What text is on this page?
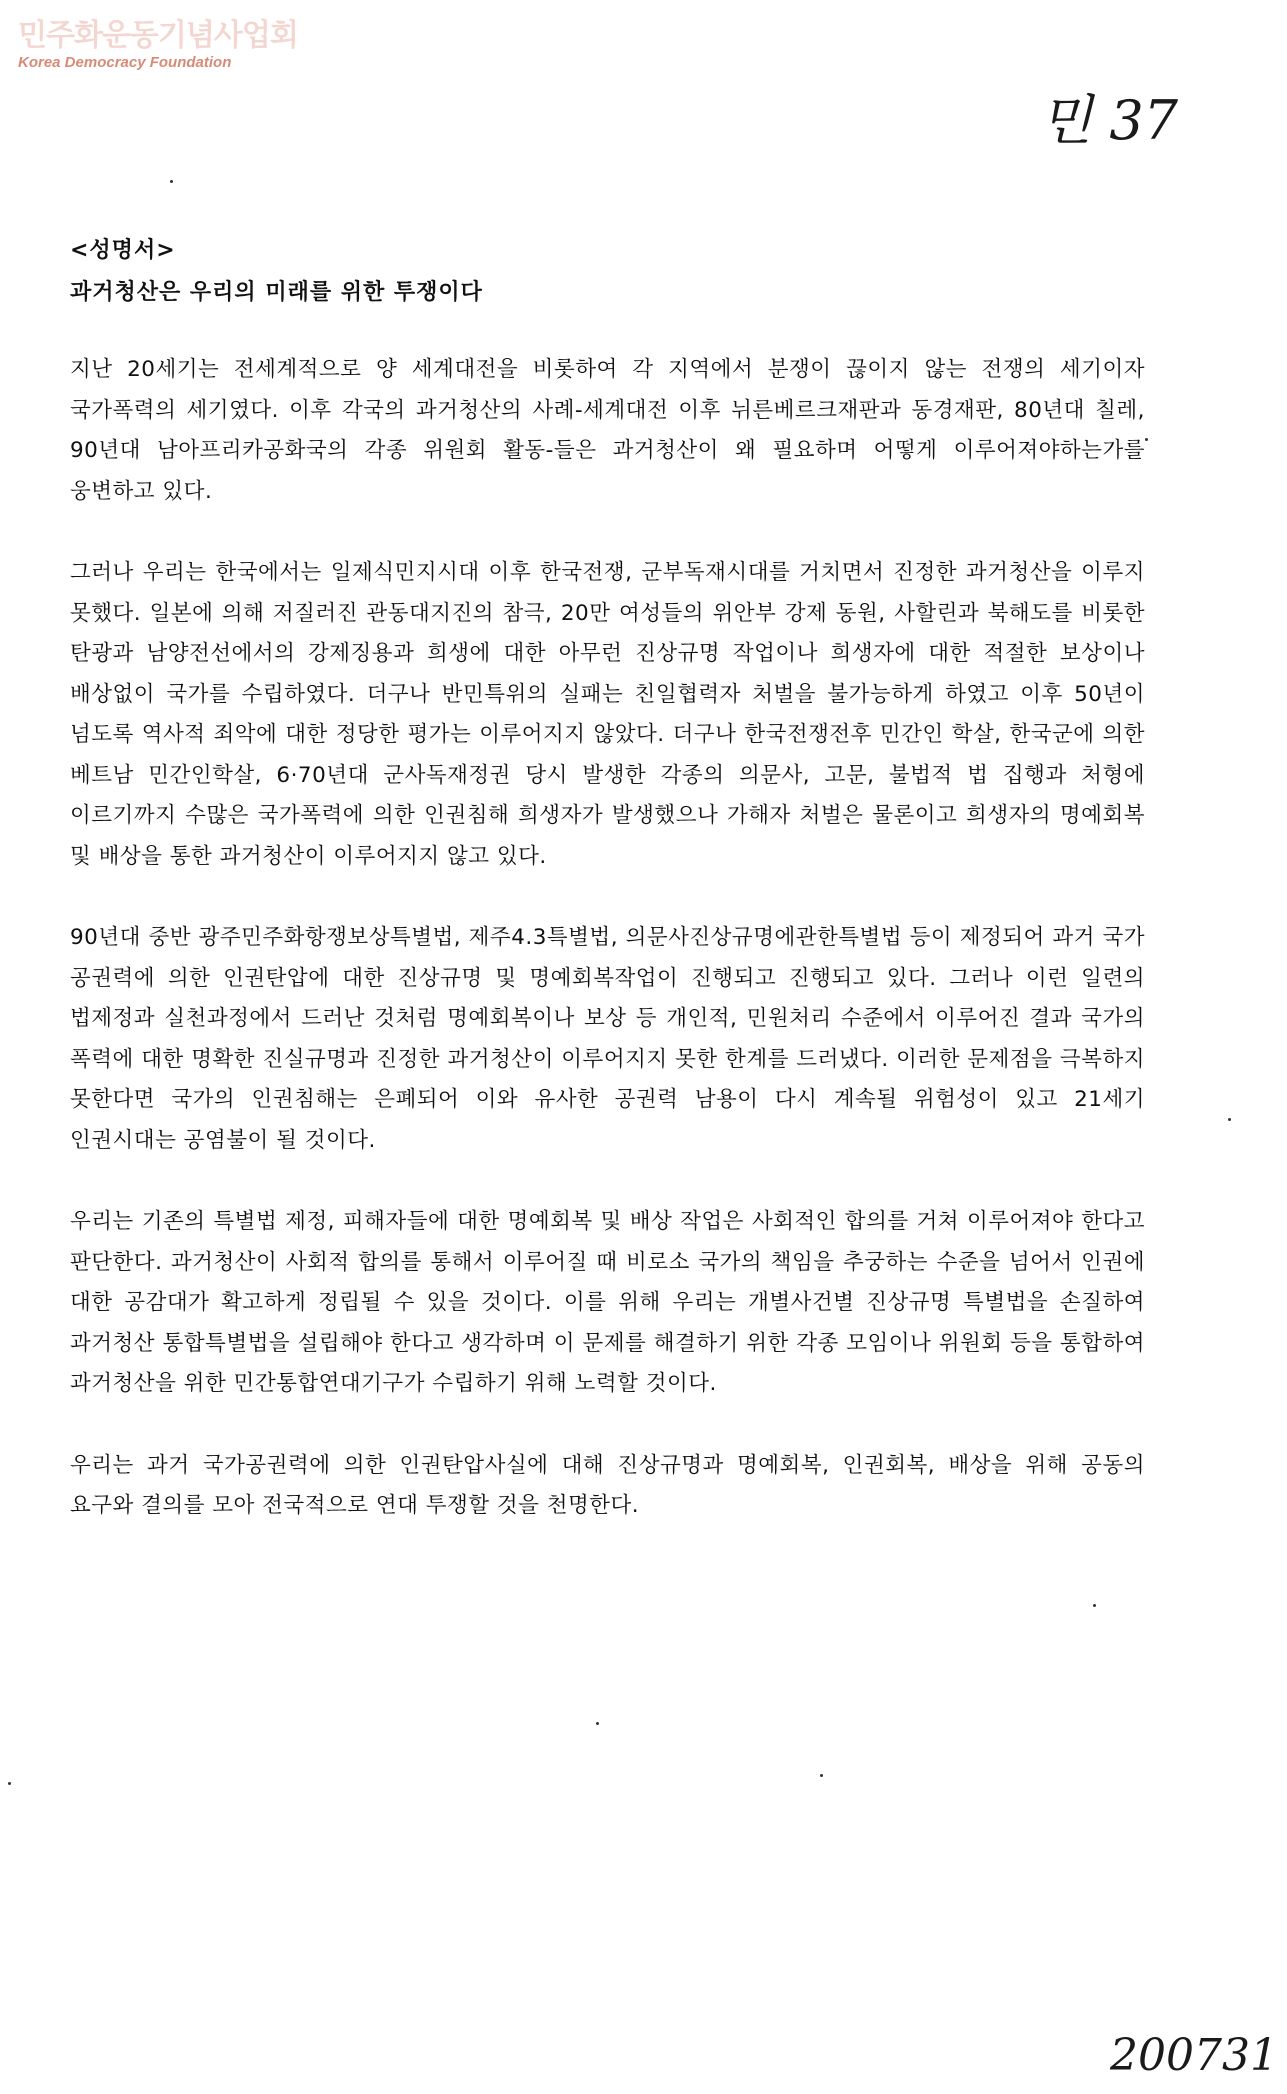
민주화운동기념사업회
Korea Democracy Foundation
민 37
<성명서>
과거청산은 우리의 미래를 위한 투쟁이다

지난 20세기는 전세계적으로 양 세계대전을 비롯하여 각 지역에서 분쟁이 끊이지 않는 전쟁의 세기이자 국가폭력의 세기였다. 이후 각국의 과거청산의 사례-세계대전 이후 뉘른베르크재판과 동경재판, 80년대 칠레, 90년대 남아프리카공화국의 각종 위원회 활동-들은 과거청산이 왜 필요하며 어떻게 이루어져야하는가를 웅변하고 있다.

그러나 우리는 한국에서는 일제식민지시대 이후 한국전쟁, 군부독재시대를 거치면서 진정한 과거청산을 이루지 못했다. 일본에 의해 저질러진 관동대지진의 참극, 20만 여성들의 위안부 강제 동원, 사할린과 북해도를 비롯한 탄광과 남양전선에서의 강제징용과 희생에 대한 아무런 진상규명 작업이나 희생자에 대한 적절한 보상이나 배상없이 국가를 수립하였다. 더구나 반민특위의 실패는 친일협력자 처벌을 불가능하게 하였고 이후 50년이 넘도록 역사적 죄악에 대한 정당한 평가는 이루어지지 않았다. 더구나 한국전쟁전후 민간인 학살, 한국군에 의한 베트남 민간인학살, 6·70년대 군사독재정권 당시 발생한 각종의 의문사, 고문, 불법적 법 집행과 처형에 이르기까지 수많은 국가폭력에 의한 인권침해 희생자가 발생했으나 가해자 처벌은 물론이고 희생자의 명예회복 및 배상을 통한 과거청산이 이루어지지 않고 있다.

90년대 중반 광주민주화항쟁보상특별법, 제주4.3특별법, 의문사진상규명에관한특별법 등이 제정되어 과거 국가 공권력에 의한 인권탄압에 대한 진상규명 및 명예회복작업이 진행되고 진행되고 있다. 그러나 이런 일련의 법제정과 실천과정에서 드러난 것처럼 명예회복이나 보상 등 개인적, 민원처리 수준에서 이루어진 결과 국가의 폭력에 대한 명확한 진실규명과 진정한 과거청산이 이루어지지 못한 한계를 드러냈다. 이러한 문제점을 극복하지 못한다면 국가의 인권침해는 은폐되어 이와 유사한 공권력 남용이 다시 계속될 위험성이 있고 21세기 인권시대는 공염불이 될 것이다.

우리는 기존의 특별법 제정, 피해자들에 대한 명예회복 및 배상 작업은 사회적인 합의를 거쳐 이루어져야 한다고 판단한다. 과거청산이 사회적 합의를 통해서 이루어질 때 비로소 국가의 책임을 추궁하는 수준을 넘어서 인권에 대한 공감대가 확고하게 정립될 수 있을 것이다. 이를 위해 우리는 개별사건별 진상규명 특별법을 손질하여 과거청산 통합특별법을 설립해야 한다고 생각하며 이 문제를 해결하기 위한 각종 모임이나 위원회 등을 통합하여 과거청산을 위한 민간통합연대기구가 수립하기 위해 노력할 것이다.

우리는 과거 국가공권력에 의한 인권탄압사실에 대해 진상규명과 명예회복, 인권회복, 배상을 위해 공동의 요구와 결의를 모아 전국적으로 연대 투쟁할 것을 천명한다.

200731
